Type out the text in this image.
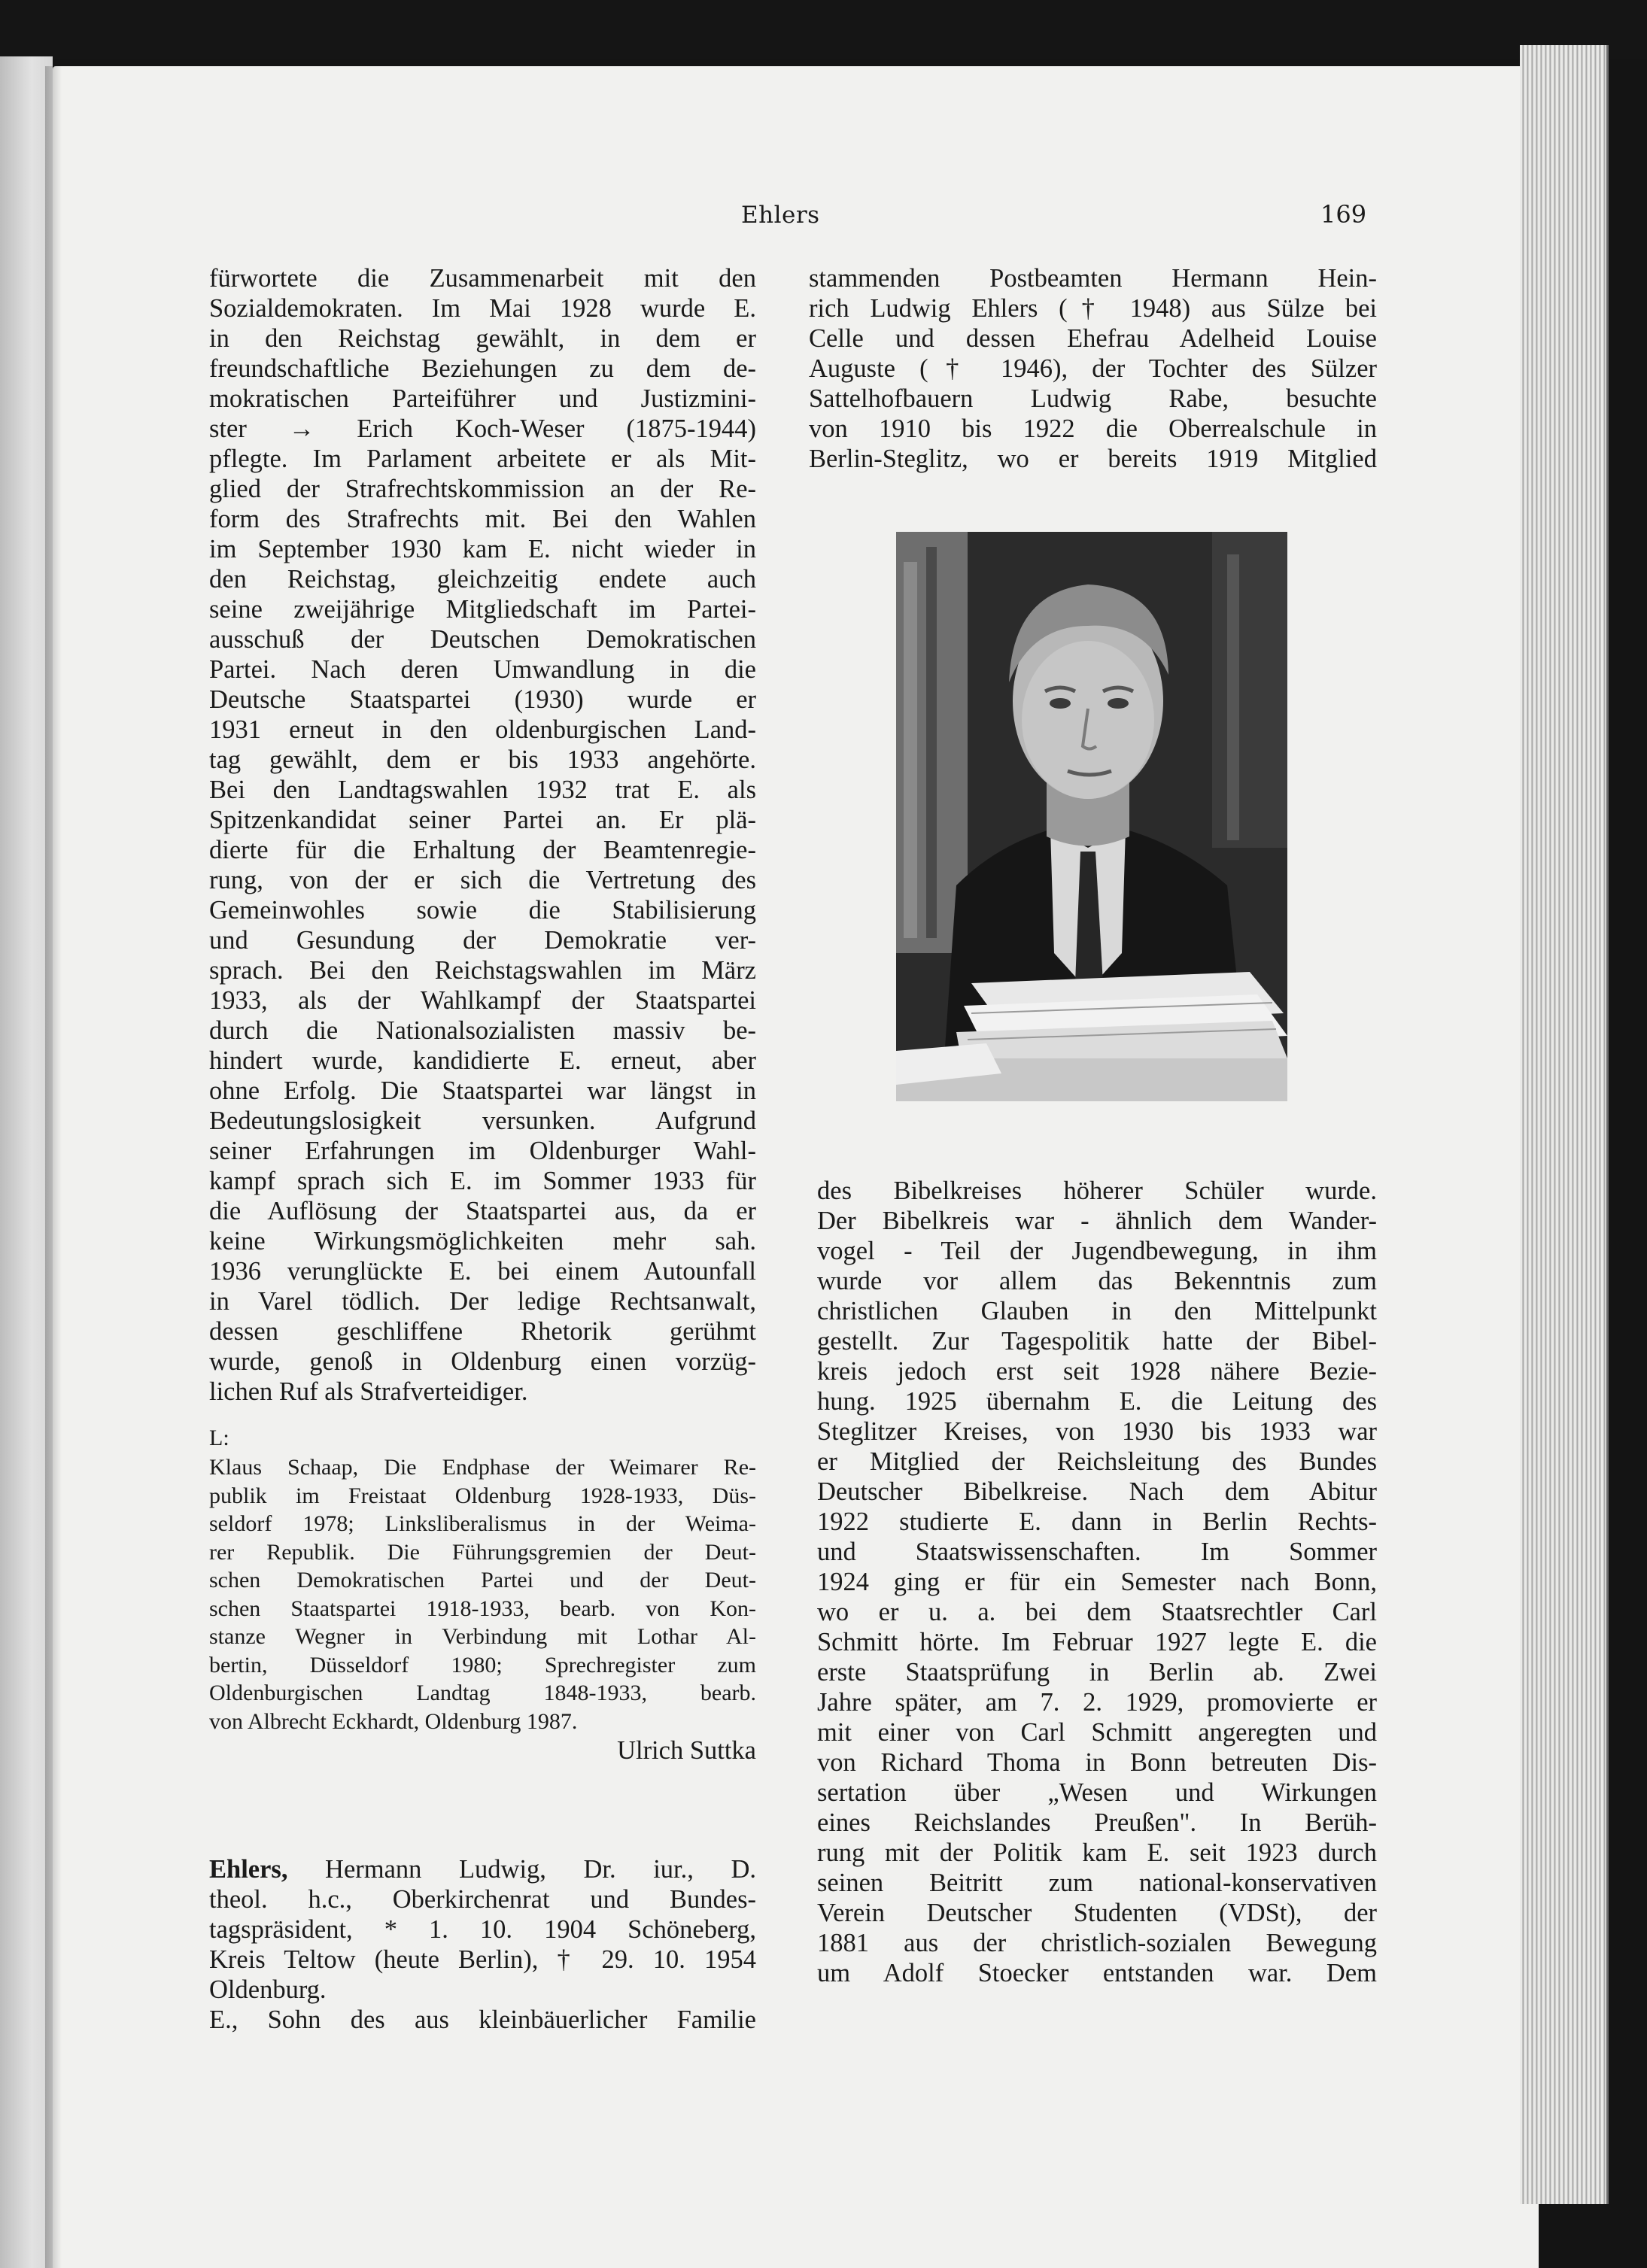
Ehlers	169
fürwortete die Zusammenarbeit mit den
Sozialdemokraten. Im Mai 1928 wurde E.
in den Reichstag gewählt, in dem er
freundschaftliche Beziehungen zu dem de-
mokratischen Parteiführer und Justizmini-
ster → Erich Koch-Weser (1875-1944)
pflegte. Im Parlament arbeitete er als Mit-
glied der Strafrechtskommission an der Re-
form des Strafrechts mit. Bei den Wahlen
im September 1930 kam E. nicht wieder in
den Reichstag, gleichzeitig endete auch
seine zweijährige Mitgliedschaft im Partei-
ausschuß der Deutschen Demokratischen
Partei. Nach deren Umwandlung in die
Deutsche Staatspartei (1930) wurde er
1931 erneut in den oldenburgischen Land-
tag gewählt, dem er bis 1933 angehörte.
Bei den Landtagswahlen 1932 trat E. als
Spitzenkandidat seiner Partei an. Er plä-
dierte für die Erhaltung der Beamtenregie-
rung, von der er sich die Vertretung des
Gemeinwohles sowie die Stabilisierung
und Gesundung der Demokratie ver-
sprach. Bei den Reichstagswahlen im März
1933, als der Wahlkampf der Staatspartei
durch die Nationalsozialisten massiv be-
hindert wurde, kandidierte E. erneut, aber
ohne Erfolg. Die Staatspartei war längst in
Bedeutungslosigkeit versunken. Aufgrund
seiner Erfahrungen im Oldenburger Wahl-
kampf sprach sich E. im Sommer 1933 für
die Auflösung der Staatspartei aus, da er
keine Wirkungsmöglichkeiten mehr sah.
1936 verunglückte E. bei einem Autounfall
in Varel tödlich. Der ledige Rechtsanwalt,
dessen geschliffene Rhetorik gerühmt
wurde, genoß in Oldenburg einen vorzüg-
lichen Ruf als Strafverteidiger.
L:
Klaus Schaap, Die Endphase der Weimarer Re-
publik im Freistaat Oldenburg 1928-1933, Düs-
seldorf 1978; Linksliberalismus in der Weima-
rer Republik. Die Führungsgremien der Deut-
schen Demokratischen Partei und der Deut-
schen Staatspartei 1918-1933, bearb. von Kon-
stanze Wegner in Verbindung mit Lothar Al-
bertin, Düsseldorf 1980; Sprechregister zum
Oldenburgischen Landtag 1848-1933, bearb.
von Albrecht Eckhardt, Oldenburg 1987.
Ulrich Suttka
Ehlers, Hermann Ludwig, Dr. iur., D.
theol. h.c., Oberkirchenrat und Bundes-
tagspräsident, * 1. 10. 1904 Schöneberg,
Kreis Teltow (heute Berlin), † 29. 10. 1954
Oldenburg.
E., Sohn des aus kleinbäuerlicher Familie
stammenden Postbeamten Hermann Hein-
rich Ludwig Ehlers († 1948) aus Sülze bei
Celle und dessen Ehefrau Adelheid Louise
Auguste († 1946), der Tochter des Sülzer
Sattelhofbauern Ludwig Rabe, besuchte
von 1910 bis 1922 die Oberrealschule in
Berlin-Steglitz, wo er bereits 1919 Mitglied
des Bibelkreises höherer Schüler wurde.
Der Bibelkreis war - ähnlich dem Wander-
vogel - Teil der Jugendbewegung, in ihm
wurde vor allem das Bekenntnis zum
christlichen Glauben in den Mittelpunkt
gestellt. Zur Tagespolitik hatte der Bibel-
kreis jedoch erst seit 1928 nähere Bezie-
hung. 1925 übernahm E. die Leitung des
Steglitzer Kreises, von 1930 bis 1933 war
er Mitglied der Reichsleitung des Bundes
Deutscher Bibelkreise. Nach dem Abitur
1922 studierte E. dann in Berlin Rechts-
und Staatswissenschaften. Im Sommer
1924 ging er für ein Semester nach Bonn,
wo er u. a. bei dem Staatsrechtler Carl
Schmitt hörte. Im Februar 1927 legte E. die
erste Staatsprüfung in Berlin ab. Zwei
Jahre später, am 7. 2. 1929, promovierte er
mit einer von Carl Schmitt angeregten und
von Richard Thoma in Bonn betreuten Dis-
sertation über „Wesen und Wirkungen
eines Reichslandes Preußen". In Berüh-
rung mit der Politik kam E. seit 1923 durch
seinen Beitritt zum national-konservativen
Verein Deutscher Studenten (VDSt), der
1881 aus der christlich-sozialen Bewegung
um Adolf Stoecker entstanden war. Dem
